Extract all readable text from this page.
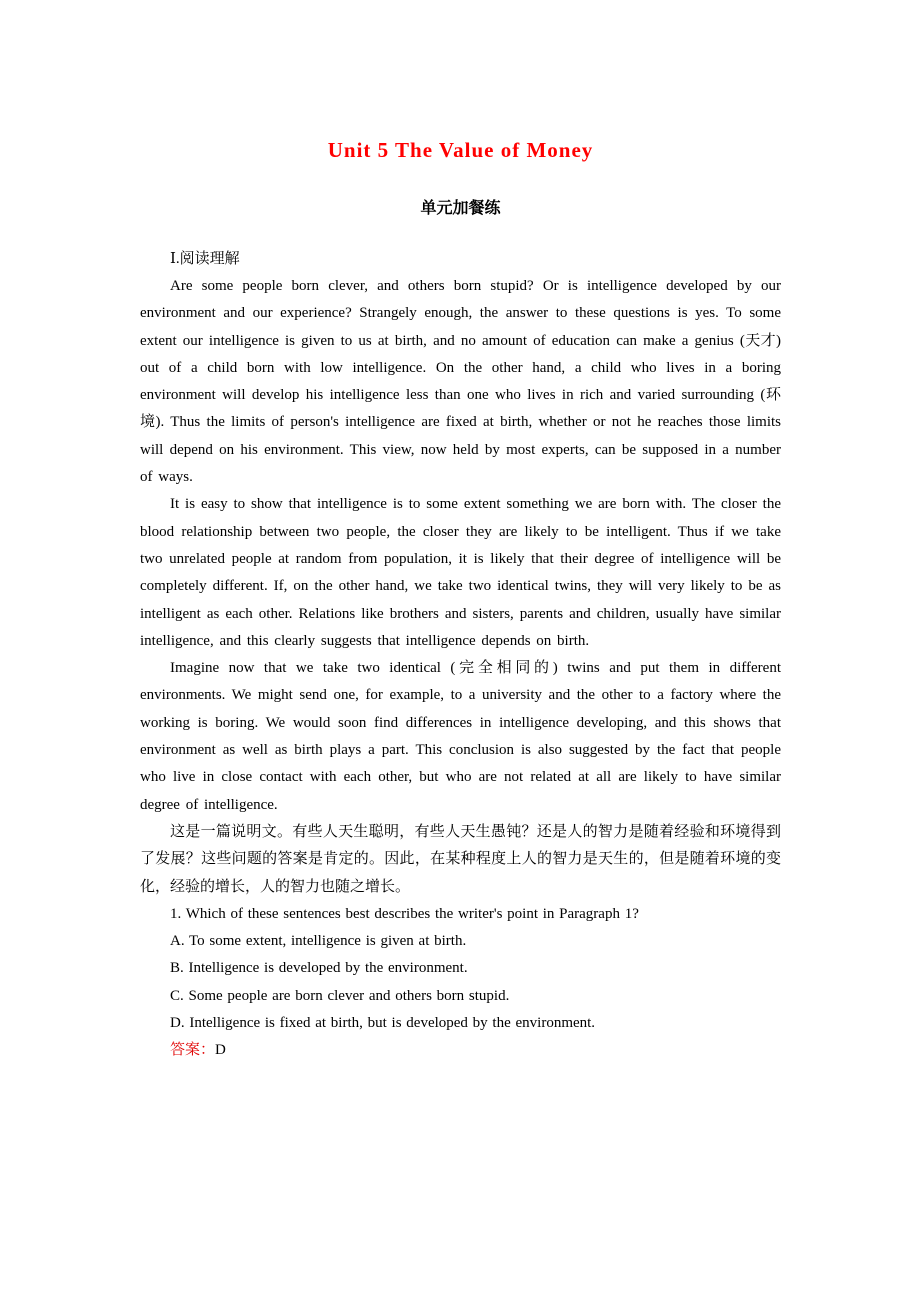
Unit 5 The Value of Money
单元加餐练

Ⅰ.阅读理解

Are some people born clever, and others born stupid? Or is intelligence developed by our environment and our experience? Strangely enough, the answer to these questions is yes. To some extent our intelligence is given to us at birth, and no amount of education can make a genius (天才) out of a child born with low intelligence. On the other hand, a child who lives in a boring environment will develop his intelligence less than one who lives in rich and varied surrounding (环境). Thus the limits of person's intelligence are fixed at birth, whether or not he reaches those limits will depend on his environment. This view, now held by most experts, can be supposed in a number of ways.

It is easy to show that intelligence is to some extent something we are born with. The closer the blood relationship between two people, the closer they are likely to be intelligent. Thus if we take two unrelated people at random from population, it is likely that their degree of intelligence will be completely different. If, on the other hand, we take two identical twins, they will very likely to be as intelligent as each other. Relations like brothers and sisters, parents and children, usually have similar intelligence, and this clearly suggests that intelligence depends on birth.

Imagine now that we take two identical (完全相同的) twins and put them in different environments. We might send one, for example, to a university and the other to a factory where the working is boring. We would soon find differences in intelligence developing, and this shows that environment as well as birth plays a part. This conclusion is also suggested by the fact that people who live in close contact with each other, but who are not related at all are likely to have similar degree of intelligence.

这是一篇说明文。有些人天生聪明，有些人天生愚钝？还是人的智力是随着经验和环境得到了发展？这些问题的答案是肯定的。因此，在某种程度上人的智力是天生的，但是随着环境的变化，经验的增长，人的智力也随之增长。

1. Which of these sentences best describes the writer's point in Paragraph 1?

A. To some extent, intelligence is given at birth.

B. Intelligence is developed by the environment.

C. Some people are born clever and others born stupid.

D. Intelligence is fixed at birth, but is developed by the environment.

答案：D
